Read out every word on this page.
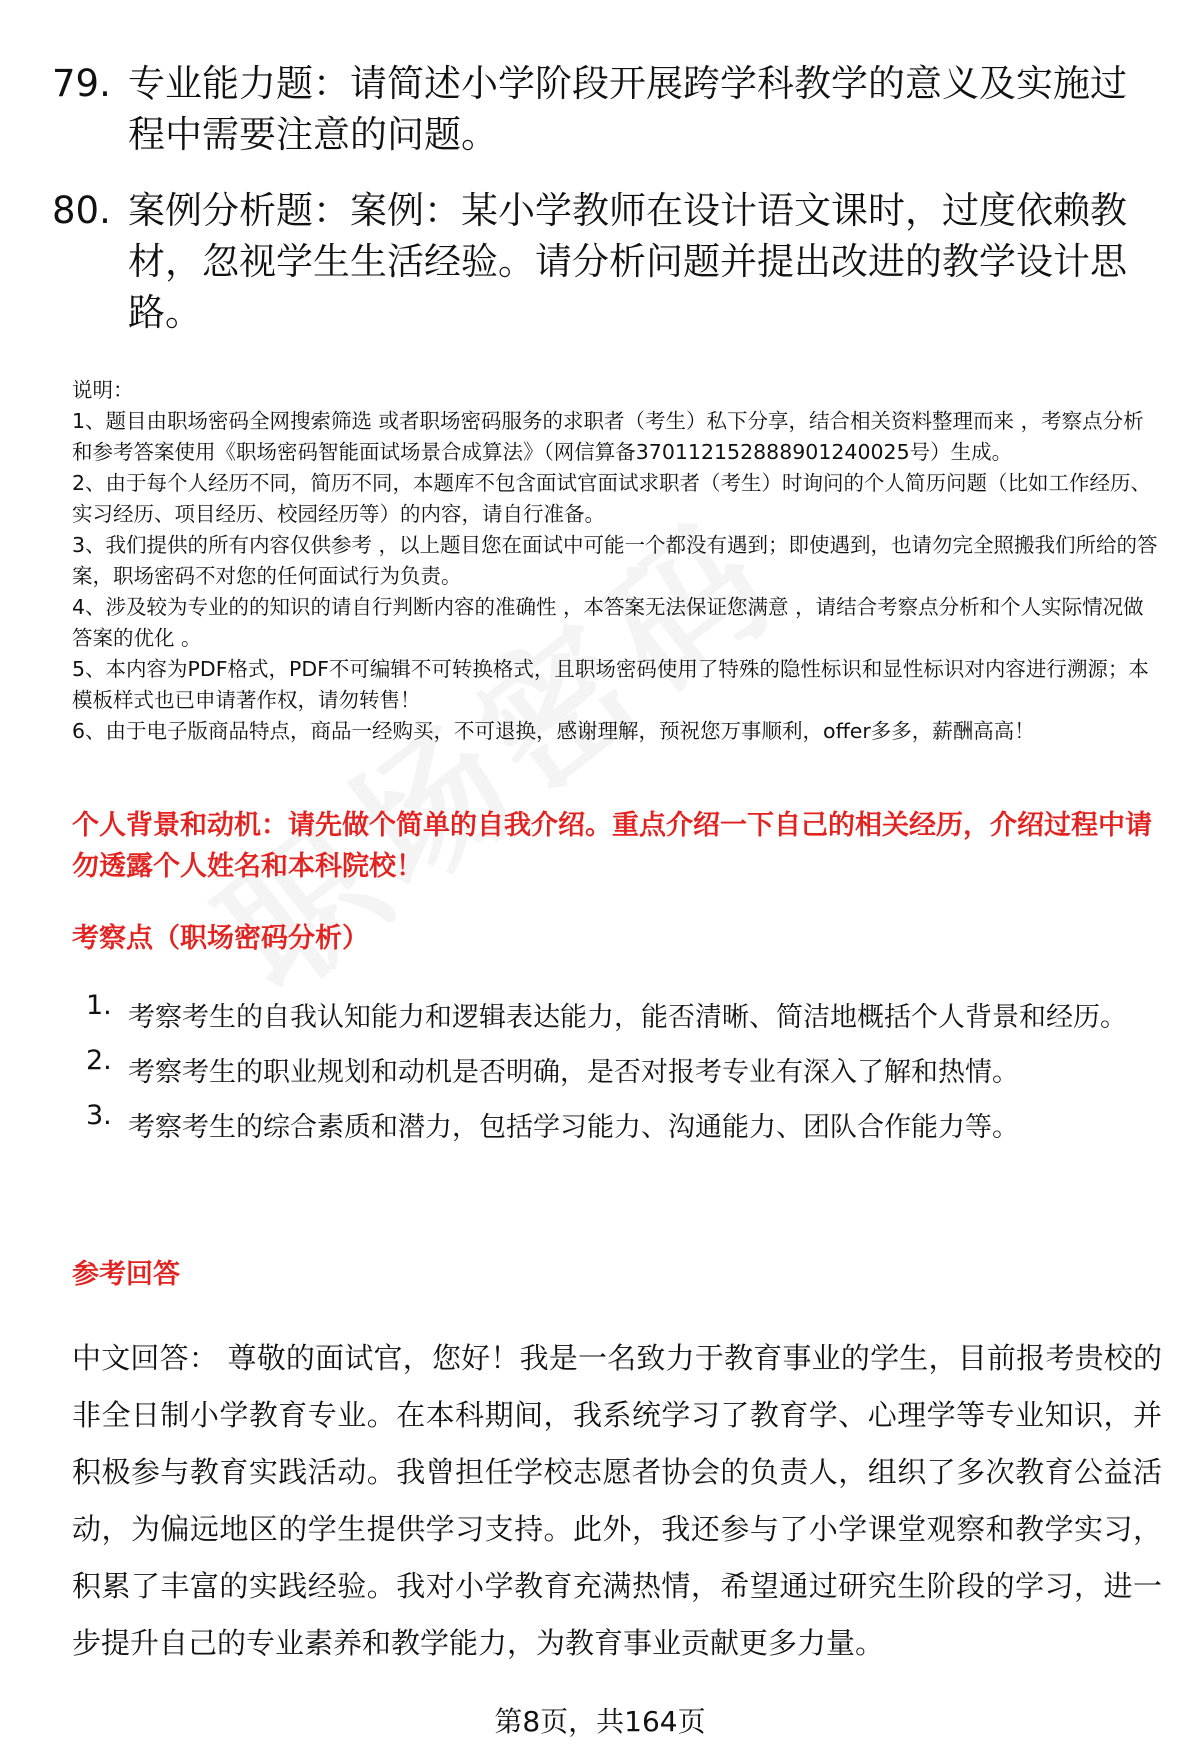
79. 专业能力题：请简述小学阶段开展跨学科教学的意义及实施过程中需要注意的问题。
80. 案例分析题：案例：某小学教师在设计语文课时，过度依赖教材，忽视学生生活经验。请分析问题并提出改进的教学设计思路。

说明：

1、题目由职场密码全网搜索筛选 或者职场密码服务的求职者（考生）私下分享，结合相关资料整理而来 ，考察点分析和参考答案使用《职场密码智能面试场景合成算法》（网信算备370112152888901240025号）生成。

2、由于每个人经历不同，简历不同，本题库不包含面试官面试求职者（考生）时询问的个人简历问题（比如工作经历、实习经历、项目经历、校园经历等）的内容，请自行准备。

3、我们提供的所有内容仅供参考 ，以上题目您在面试中可能一个都没有遇到；即使遇到，也请勿完全照搬我们所给的答案，职场密码不对您的任何面试行为负责。

4、涉及较为专业的的知识的请自行判断内容的准确性 ，本答案无法保证您满意 ，请结合考察点分析和个人实际情况做答案的优化 。

5、本内容为PDF格式，PDF不可编辑不可转换格式，且职场密码使用了特殊的隐性标识和显性标识对内容进行溯源；本模板样式也已申请著作权，请勿转售！

6、由于电子版商品特点，商品一经购买，不可退换，感谢理解，预祝您万事顺利，offer多多，薪酬高高！

个人背景和动机：请先做个简单的自我介绍。重点介绍一下自己的相关经历，介绍过程中请勿透露个人姓名和本科院校！
考察点（职场密码分析）
1. 考察考生的自我认知能力和逻辑表达能力，能否清晰、简洁地概括个人背景和经历。
2. 考察考生的职业规划和动机是否明确，是否对报考专业有深入了解和热情。
3. 考察考生的综合素质和潜力，包括学习能力、沟通能力、团队合作能力等。
参考回答
中文回答： 尊敬的面试官，您好！我是一名致力于教育事业的学生，目前报考贵校的非全日制小学教育专业。在本科期间，我系统学习了教育学、心理学等专业知识，并积极参与教育实践活动。我曾担任学校志愿者协会的负责人，组织了多次教育公益活动，为偏远地区的学生提供学习支持。此外，我还参与了小学课堂观察和教学实习，积累了丰富的实践经验。我对小学教育充满热情，希望通过研究生阶段的学习，进一步提升自己的专业素养和教学能力，为教育事业贡献更多力量。
第8页，共164页
